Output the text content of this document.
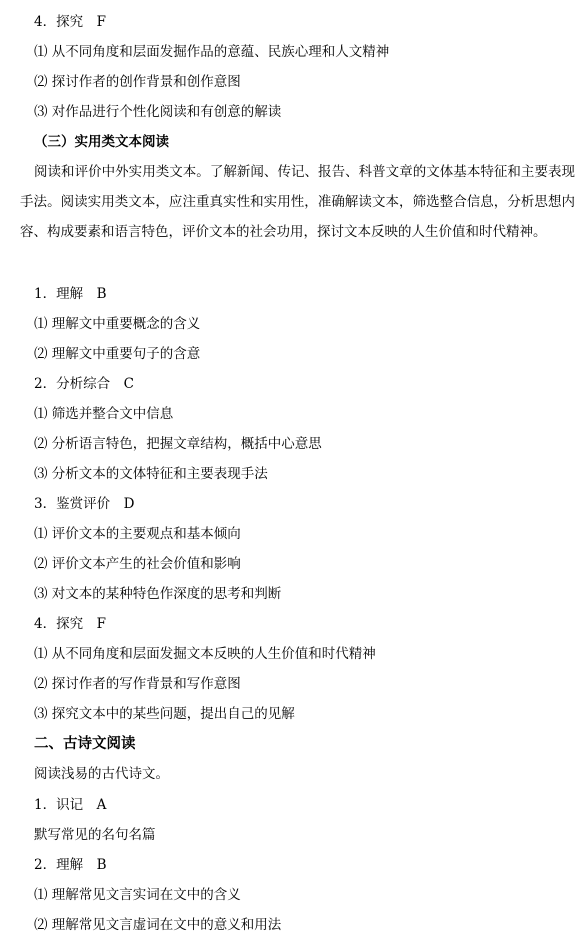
4．探究　F
⑴ 从不同角度和层面发掘作品的意蕴、民族心理和人文精神
⑵ 探讨作者的创作背景和创作意图
⑶ 对作品进行个性化阅读和有创意的解读
（三）实用类文本阅读
阅读和评价中外实用类文本。了解新闻、传记、报告、科普文章的文体基本特征和主要表现手法。阅读实用类文本，应注重真实性和实用性，准确解读文本，筛选整合信息，分析思想内容、构成要素和语言特色，评价文本的社会功用，探讨文本反映的人生价值和时代精神。
1．理解　B
⑴ 理解文中重要概念的含义
⑵ 理解文中重要句子的含意
2．分析综合　C
⑴ 筛选并整合文中信息
⑵ 分析语言特色，把握文章结构，概括中心意思
⑶ 分析文本的文体特征和主要表现手法
3．鉴赏评价　D
⑴ 评价文本的主要观点和基本倾向
⑵ 评价文本产生的社会价值和影响
⑶ 对文本的某种特色作深度的思考和判断
4．探究　F
⑴ 从不同角度和层面发掘文本反映的人生价值和时代精神
⑵ 探讨作者的写作背景和写作意图
⑶ 探究文本中的某些问题，提出自己的见解
二、古诗文阅读
阅读浅易的古代诗文。
1．识记　A
默写常见的名句名篇
2．理解　B
⑴ 理解常见文言实词在文中的含义
⑵ 理解常见文言虚词在文中的意义和用法
